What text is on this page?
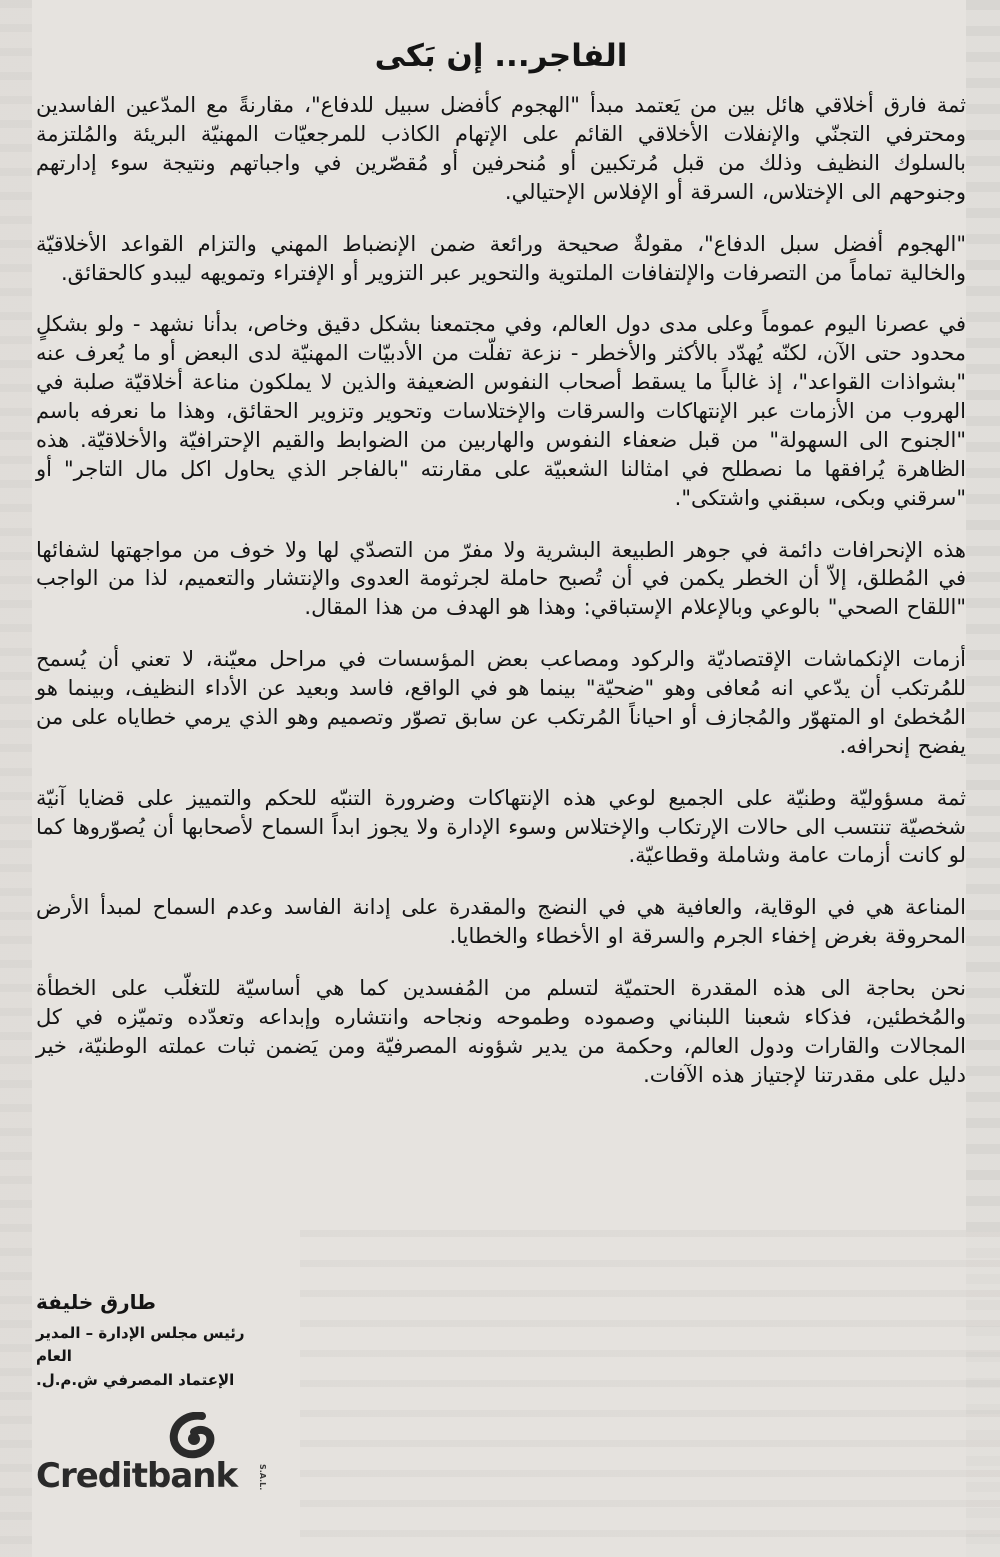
الفاجر... إن بَكى

ثمة فارق أخلاقي هائل بين من يَعتمد مبدأ "الهجوم كأفضل سبيل للدفاع"، مقارنةً مع المدّعين الفاسدين ومحترفي التجنّي والإنفلات الأخلاقي القائم على الإتهام الكاذب للمرجعيّات المهنيّة البريئة والمُلتزمة بالسلوك النظيف وذلك من قبل مُرتكبين أو مُنحرفين أو مُقصّرين في واجباتهم ونتيجة سوء إدارتهم وجنوحهم الى الإختلاس، السرقة أو الإفلاس الإحتيالي.

"الهجوم أفضل سبل الدفاع"، مقولةٌ صحيحة ورائعة ضمن الإنضباط المهني والتزام القواعد الأخلاقيّة والخالية تماماً من التصرفات والإلتفافات الملتوية والتحوير عبر التزوير أو الإفتراء وتمويهه ليبدو كالحقائق.

في عصرنا اليوم عموماً وعلى مدى دول العالم، وفي مجتمعنا بشكل دقيق وخاص، بدأنا نشهد - ولو بشكلٍ محدود حتى الآن، لكنّه يُهدّد بالأكثر والأخطر - نزعة تفلّت من الأدبيّات المهنيّة لدى البعض أو ما يُعرف عنه "بشواذات القواعد"، إذ غالباً ما يسقط أصحاب النفوس الضعيفة والذين لا يملكون مناعة أخلاقيّة صلبة في الهروب من الأزمات عبر الإنتهاكات والسرقات والإختلاسات وتحوير وتزوير الحقائق، وهذا ما نعرفه باسم "الجنوح الى السهولة" من قبل ضعفاء النفوس والهاربين من الضوابط والقيم الإحترافيّة والأخلاقيّة. هذه الظاهرة يُرافقها ما نصطلح في امثالنا الشعبيّة على مقارنته "بالفاجر الذي يحاول اكل مال التاجر" أو "سرقني وبكى، سبقني واشتكى".

هذه الإنحرافات دائمة في جوهر الطبيعة البشرية ولا مفرّ من التصدّي لها ولا خوف من مواجهتها لشفائها في المُطلق، إلاّ أن الخطر يكمن في أن تُصبح حاملة لجرثومة العدوى والإنتشار والتعميم، لذا من الواجب "اللقاح الصحي" بالوعي وبالإعلام الإستباقي: وهذا هو الهدف من هذا المقال.

أزمات الإنكماشات الإقتصاديّة والركود ومصاعب بعض المؤسسات في مراحل معيّنة، لا تعني أن يُسمح للمُرتكب أن يدّعي انه مُعافى وهو "ضحيّة" بينما هو في الواقع، فاسد وبعيد عن الأداء النظيف، وبينما هو المُخطئ او المتهوّر والمُجازف أو احياناً المُرتكب عن سابق تصوّر وتصميم وهو الذي يرمي خطاياه على من يفضح إنحرافه.

ثمة مسؤوليّة وطنيّة على الجميع لوعي هذه الإنتهاكات وضرورة التنبّه للحكم والتمييز على قضايا آنيّة شخصيّة تنتسب الى حالات الإرتكاب والإختلاس وسوء الإدارة ولا يجوز ابداً السماح لأصحابها أن يُصوّروها كما لو كانت أزمات عامة وشاملة وقطاعيّة.

المناعة هي في الوقاية، والعافية هي في النضج والمقدرة على إدانة الفاسد وعدم السماح لمبدأ الأرض المحروقة بغرض إخفاء الجرم والسرقة او الأخطاء والخطايا.

نحن بحاجة الى هذه المقدرة الحتميّة لتسلم من المُفسدين كما هي أساسيّة للتغلّب على الخطأة والمُخطئين، فذكاء شعبنا اللبناني وصموده وطموحه ونجاحه وانتشاره وإبداعه وتعدّده وتميّزه في كل المجالات والقارات ودول العالم، وحكمة من يدير شؤونه المصرفيّة ومن يَضمن ثبات عملته الوطنيّة، خير دليل على مقدرتنا لإجتياز هذه الآفات.

طارق خليفة
رئيس مجلس الإدارة – المدير العام
الإعتماد المصرفي ش.م.ل.
Creditbank	S.A.L.
